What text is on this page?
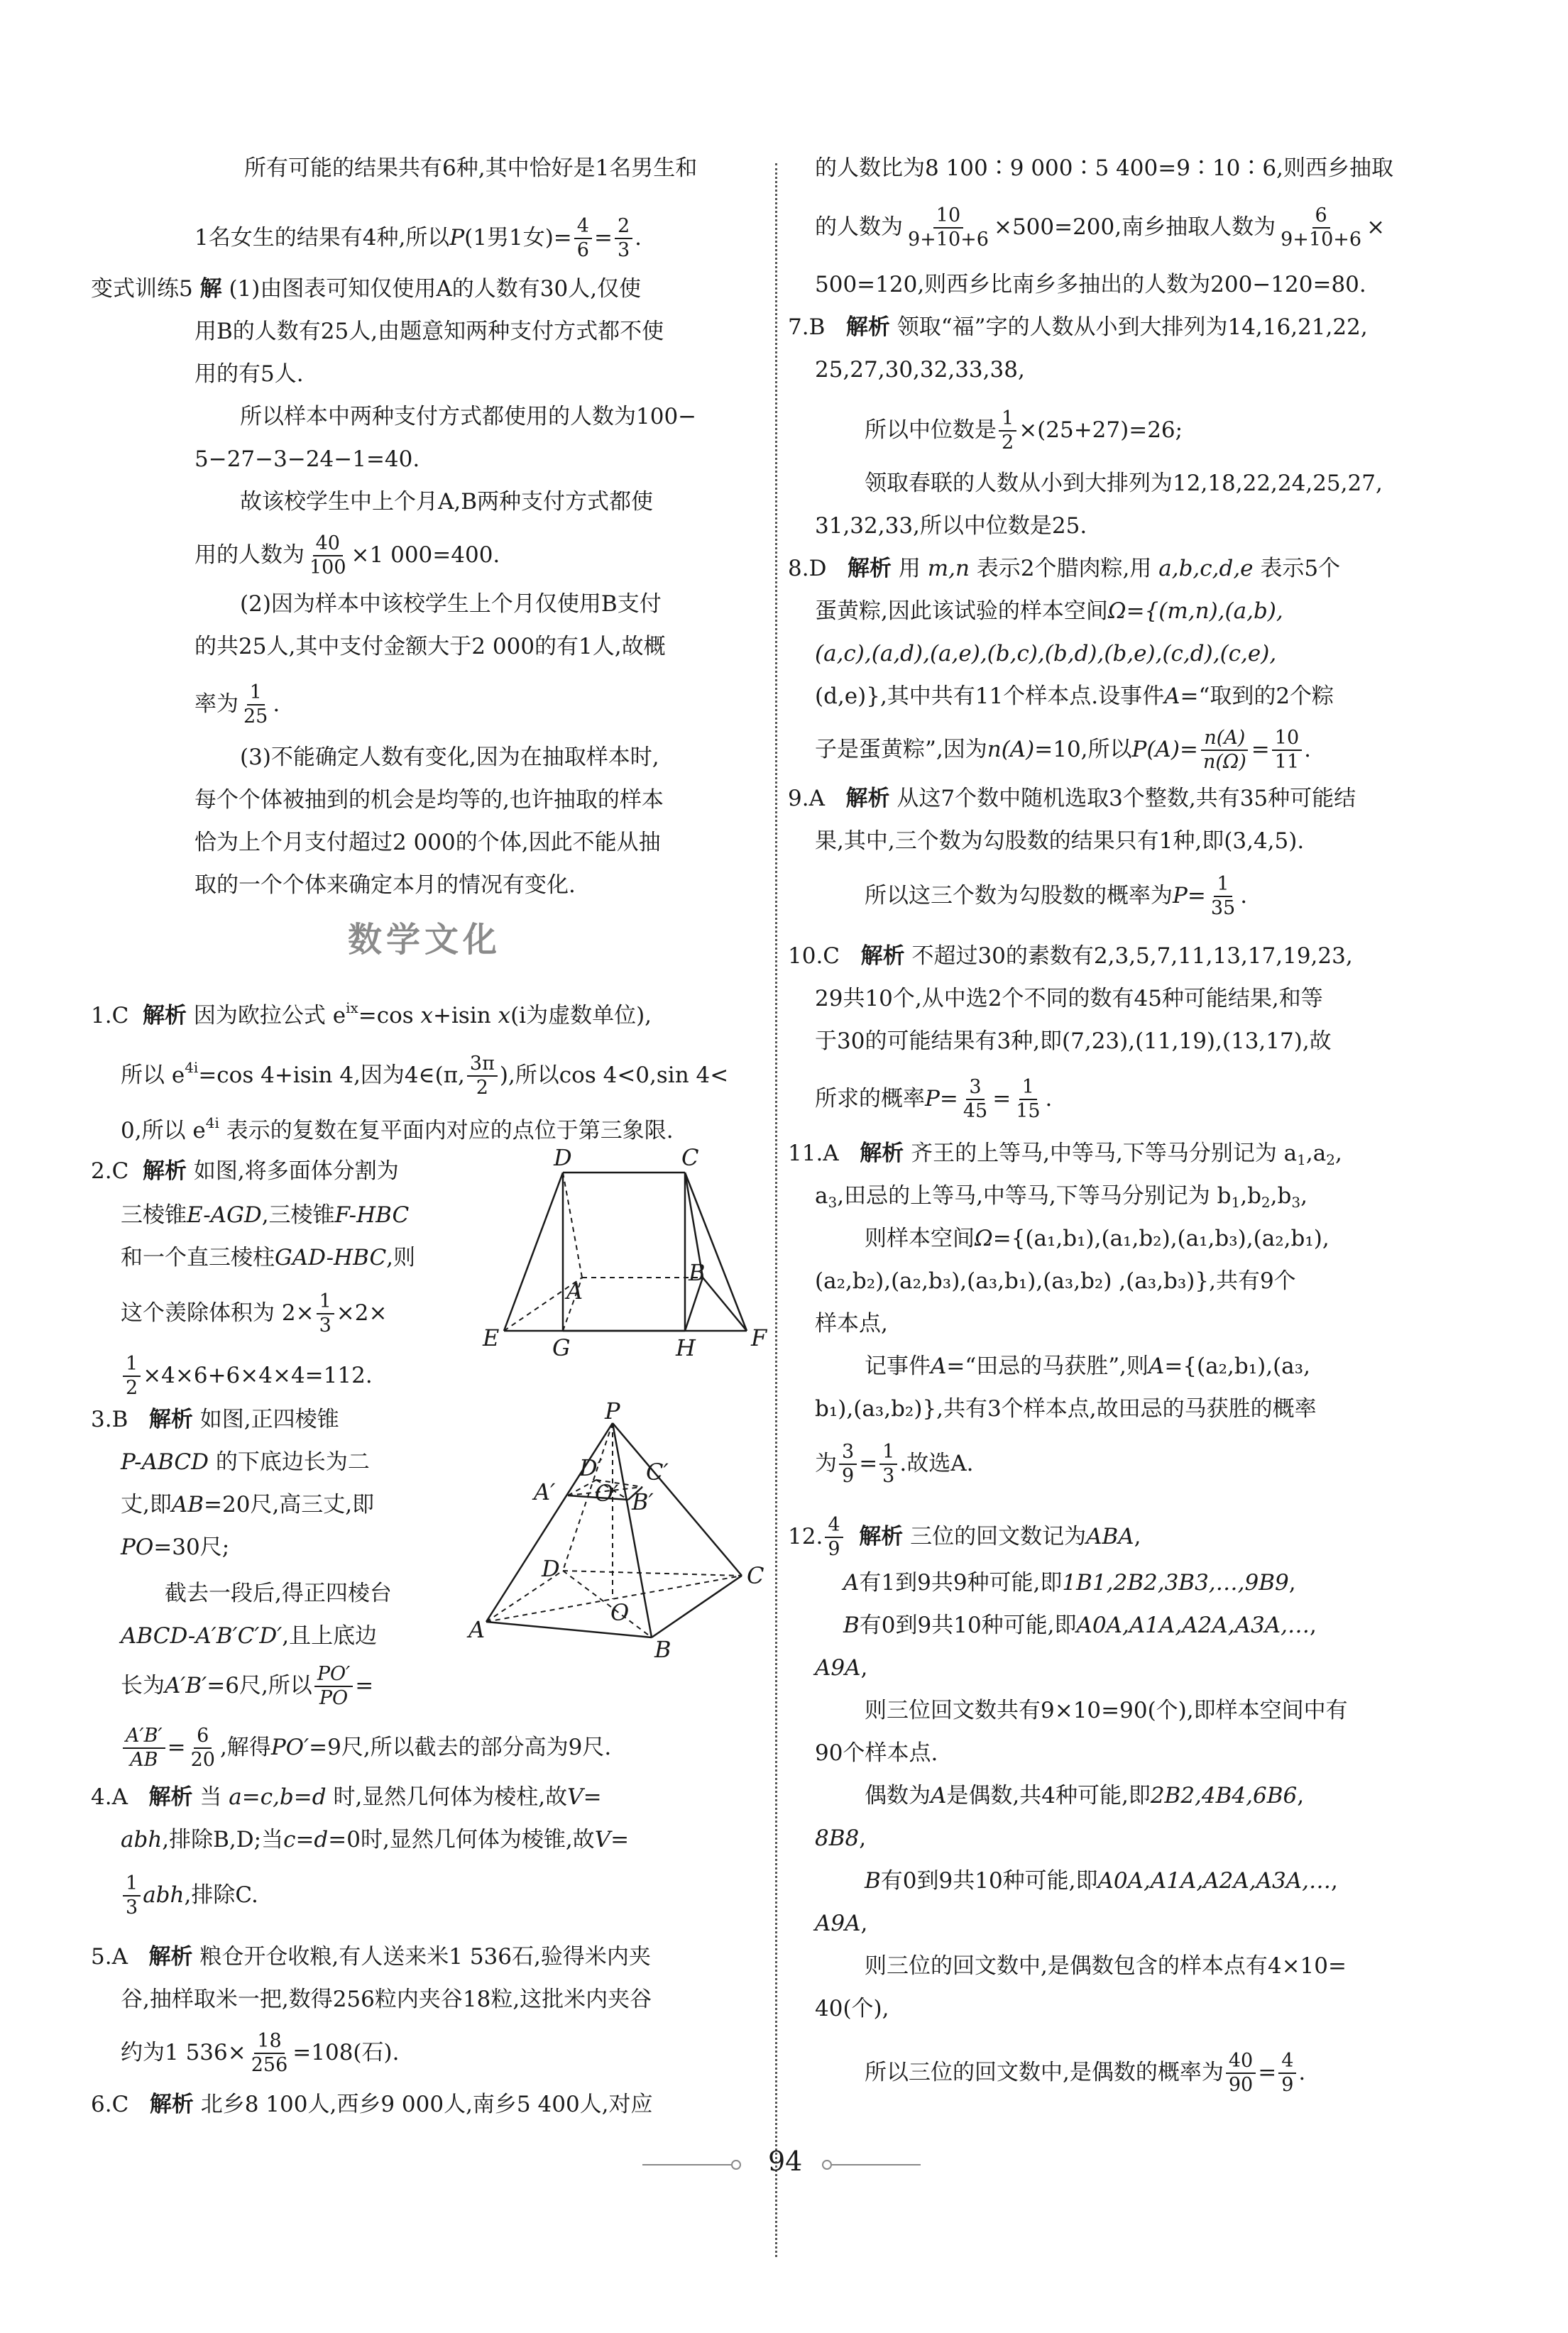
所有可能的结果共有6种,其中恰好是1名男生和
1名女生的结果有4种,所以P(1男1女)= $\frac{4}{6} = \frac{2}{3}$ .
变式训练5 解 (1)由图表可知仅使用A的人数有30人,仅使
用B的人数有25人,由题意知两种支付方式都不使
用的有5人.
所以样本中两种支付方式都使用的人数为100−
5−27−3−24−1=40.
故该校学生中上个月A,B两种支付方式都使
用的人数为 $\frac{40}{100} \times 1$ 000=400.
(2)因为样本中该校学生上个月仅使用B支付
的共25人,其中支付金额大于2 000的有1人,故概
率为 $\frac{1}{25}$ .
(3)不能确定人数有变化,因为在抽取样本时,
每个个体被抽到的机会是均等的,也许抽取的样本
恰为上个月支付超过2 000的个体,因此不能从抽
取的一个个体来确定本月的情况有变化.
数学文化
1.C 解析 因为欧拉公式 $e^{ix}=\cos$ x+isin x(i为虚数单位),
所以 $e^{4i}=\cos$ 4+isin 4,因为4∈(π, $\frac{3\pi}{2}$ ),所以cos 4<0,sin 4<
0,所以 $e^{4i}$ 表示的复数在复平面内对应的点位于第三象限.
2.C 解析 如图,将多面体分割为
三棱锥E-AGD,三棱锥F-HBC
和一个直三棱柱GAD-HBC,则
这个羡除体积为 $2\times \frac{1}{3} \times 2\times$
$\frac{1}{2} \times 4\times 6+6\times 4\times 4=112$.
D	C
A
B
E G	H F
3.B 解析 如图,正四棱锥
P-ABCD 的下底边长为二
丈,即AB=20尺,高三丈,即
PO=30尺;
截去一段后,得正四棱台
ABCD-A′B′C′D′,且上底边
长为A′B′=6尺,所以 $\frac{PO'}{PO}$ =
$\frac{A'B'}{AB} = \frac{6}{20}$ ,解得PO′=9尺,所以截去的部分高为9尺.
P
D′ C′
A′ O′ B′
D	C
O
A
B
4.A 解析 当 a=c,b=d 时,显然几何体为棱柱,故V=
abh,排除B,D;当c=d=0时,显然几何体为棱锥,故V=
$\frac{1}{3}$ abh,排除C.
5.A 解析 粮仓开仓收粮,有人送来米1 536石,验得米内夹
谷,抽样取米一把,数得256粒内夹谷18粒,这批米内夹谷
约为1 $536\times \frac{18}{256} =108$(石).
6.C 解析 北乡8 100人,西乡9 000人,南乡5 400人,对应
的人数比为8 100∶9 000∶5 400=9∶10∶6,则西乡抽取
的人数为 $\frac{10}{9+10+6} \times 500=200$,南乡抽取人数为 $\frac{6}{9+10+6}$ ×
500=120,则西乡比南乡多抽出的人数为200−120=80.
7.B 解析 领取“福”字的人数从小到大排列为14,16,21,22,
25,27,30,32,33,38,
所以中位数是 $\frac{1}{2} \times(25+27)=26$;
领取春联的人数从小到大排列为12,18,22,24,25,27,
31,32,33,所以中位数是25.
8.D 解析 用 m,n 表示2个腊肉粽,用 a,b,c,d,e 表示5个
蛋黄粽,因此该试验的样本空间Ω={(m,n),(a,b),
(a,c),(a,d),(a,e),(b,c),(b,d),(b,e),(c,d),(c,e),
(d,e)},其中共有11个样本点.设事件A=“取到的2个粽
子是蛋黄粽”,因为n(A)=10,所以$P(A)= \frac{n(A)}{n(\Omega)} = \frac{10}{11}$ .
9.A 解析 从这7个数中随机选取3个整数,共有35种可能结
果,其中,三个数为勾股数的结果只有1种,即(3,4,5).
所以这三个数为勾股数的概率为$P= \frac{1}{35}$ .
10.C 解析 不超过30的素数有2,3,5,7,11,13,17,19,23,
29共10个,从中选2个不同的数有45种可能结果,和等
于30的可能结果有3种,即(7,23),(11,19),(13,17),故
所求的概率$P= \frac{3}{45} = \frac{1}{15}$ .
11.A 解析 齐王的上等马,中等马,下等马分别记为 $a_1,a_2$,
$a_3$,田忌的上等马,中等马,下等马分别记为 $b_1,b_2,b_3$,
则样本空间Ω={(a₁,b₁),(a₁,b₂),(a₁,b₃),(a₂,b₁),
(a₂,b₂),(a₂,b₃),(a₃,b₁),(a₃,b₂) ,(a₃,b₃)},共有9个
样本点,
记事件A=“田忌的马获胜”,则A={(a₂,b₁),(a₃,
b₁),(a₃,b₂)},共有3个样本点,故田忌的马获胜的概率
为 $\frac{3}{9} = \frac{1}{3}$ .故选A.
12. $\frac{4}{9}$ 解析 三位的回文数记为ABA,
A有1到9共9种可能,即1B1,2B2,3B3,…,9B9,
B有0到9共10种可能,即A0A,A1A,A2A,A3A,…,
A9A,
则三位回文数共有9×10=90(个),即样本空间中有
90个样本点.
偶数为A是偶数,共4种可能,即2B2,4B4,6B6,
8B8,
B有0到9共10种可能,即A0A,A1A,A2A,A3A,…,
A9A,
则三位的回文数中,是偶数包含的样本点有4×10=
40(个),
所以三位的回文数中,是偶数的概率为 $\frac{40}{90} = \frac{4}{9}$ .
94
